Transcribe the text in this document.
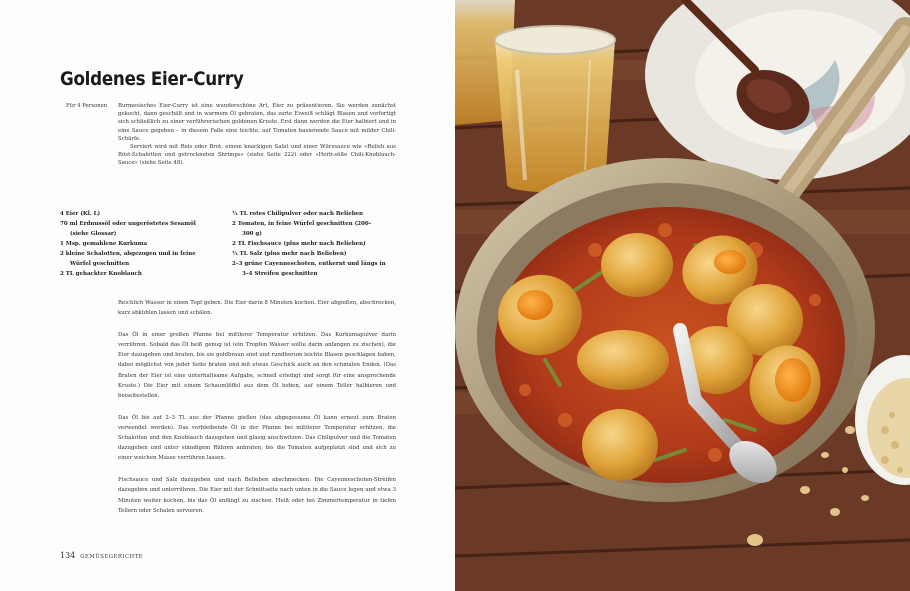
Goldenes Eier-Curry
Für 4 Personen Burmesisches Eier-Curry ist eine wunderschöne Art, Eier zu präsentieren. Sie werden zunächst gekocht, dann geschält und in warmem Öl gebraten, das zarte Eiweiß schlägt Blasen und verfertigt sich schließlich zu einer verführerischen goldenen Kruste. Erst dann werden die Eier halbiert und in eine Sauce gegeben – in diesem Falle eine leichte, auf Tomaten basierende Sauce mit milder Chili-Schärfe.

Serviert wird mit Reis oder Brot, einem knackigen Salat und einer Würzsauce wie »Relish aus Röst-Schalotten und getrockneten Shrimps« (siehe Seite 222) oder »Herb-süße Chili-Knoblauch-Sauce« (siehe Seite 48).

4 Eier (Kl. L)
70 ml Erdnussöl oder ungeröstetes Sesamöl
(siehe Glossar)
1 Msp. gemahlene Kurkuma
2 kleine Schalotten, abgezogen und in feine
Würfel geschnitten
2 TL gehackter Knoblauch
¼ TL rotes Chilipulver oder nach Belieben
2 Tomaten, in feine Würfel geschnitten (200–
300 g)
2 TL Fischsauce (plus mehr nach Belieben)
½ TL Salz (plus mehr nach Belieben)
2–3 grüne Cayenneschoten, entkernt und längs in
3–4 Streifen geschnitten

Reichlich Wasser in einen Topf geben. Die Eier darin 8 Minuten kochen. Eier abgießen, abschrecken, kurz abkühlen lassen und schälen.

Das Öl in einer großen Pfanne bei mittlerer Temperatur erhitzen. Das Kurkumapulver darin verrühren. Sobald das Öl heiß genug ist (ein Tropfen Wasser sollte darin anfangen zu zischen), die Eier dazugeben und braten, bis sie goldbraun sind und rundherum leichte Blasen geschlagen haben, dabei möglichst von jeder Seite braten und mit etwas Geschick auch an den schmalen Enden. (Das Braten der Eier ist eine unterhaltsame Aufgabe, schnell erledigt und sorgt für eine ansprechende Kruste.) Die Eier mit einem Schaumlöffel aus dem Öl heben, auf einem Teller halbieren und beiseitestellen.

Das Öl bis auf 2–3 TL aus der Pfanne gießen (das abgegossene Öl kann erneut zum Braten verwendet werden). Das verbleibende Öl in der Pfanne bei mittlerer Temperatur erhitzen, die Schalotten und den Knoblauch dazugeben und glasig anschwitzen. Das Chilipulver und die Tomaten dazugeben und unter ständigem Rühren anbraten, bis die Tomaten aufgeplatzt sind und sich zu einer weichen Masse verrühren lassen.

Fischsauce und Salz dazugeben und nach Belieben abschmecken. Die Cayenneschoten-Streifen dazugeben und unterrühren. Die Eier mit der Schnittseite nach unten in die Sauce legen und etwa 3 Minuten weiter kochen, bis das Öl anfängt zu zischen. Heiß oder bei Zimmertemperatur in tiefen Tellern oder Schalen servieren.

134 GEMÜSEGERICHTE
